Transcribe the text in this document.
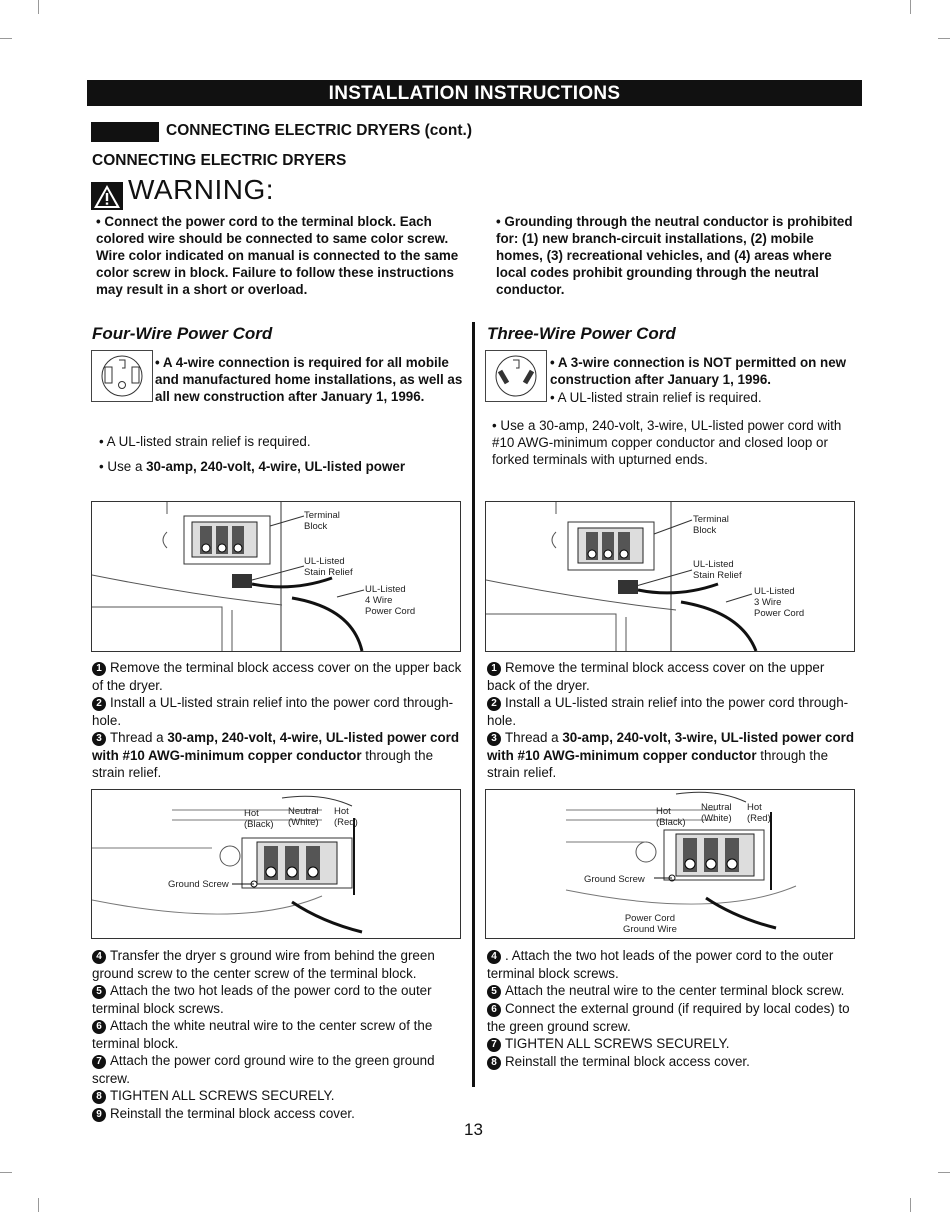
INSTALLATION INSTRUCTIONS
CONNECTING ELECTRIC DRYERS (cont.)
CONNECTING ELECTRIC DRYERS
WARNING:
• Connect the power cord to the terminal block. Each colored wire should be connected to same color screw. Wire color indicated on manual is connected to the same color screw in block. Failure to follow these instructions may result in a short or overload.
• Grounding through the neutral conductor is prohibited for: (1) new branch-circuit installations, (2) mobile homes, (3) recreational vehicles, and (4) areas where local codes prohibit grounding through the neutral conductor.
Four-Wire Power Cord
• A 4-wire connection is required for all mobile and manufactured home installations, as well as all new construction after January 1, 1996.
• A UL-listed strain relief is required.
• Use a 30-amp, 240-volt, 4-wire, UL-listed power
Terminal
Block
UL-Listed
Stain Relief
UL-Listed
4 Wire
Power Cord
1 Remove the terminal block access cover on the upper back of the dryer.
2 Install a UL-listed strain relief into the power cord through-hole.
3 Thread a 30-amp, 240-volt, 4-wire, UL-listed power cord with #10 AWG-minimum copper conductor through the strain relief.
Hot
(Black)
Neutral
(White)
Hot
(Red)
Ground Screw
4 Transfer the dryer s ground wire from behind the green ground screw to the center screw of the terminal block.
5 Attach the two hot leads of the power cord to the outer terminal block screws.
6 Attach the white neutral wire to the center screw of the terminal block.
7 Attach the power cord ground wire to the green ground screw.
8 TIGHTEN ALL SCREWS SECURELY.
9 Reinstall the terminal block access cover.
Three-Wire Power Cord
• A 3-wire connection is NOT permitted on new construction after January 1, 1996.
• A UL-listed strain relief is required.
• Use a 30-amp, 240-volt, 3-wire, UL-listed power cord with #10 AWG-minimum copper conductor and closed loop or forked terminals with upturned ends.
Terminal
Block
UL-Listed
Stain Relief
UL-Listed
3 Wire
Power Cord
1 Remove the terminal block access cover on the upper back of the dryer.
2 Install a UL-listed strain relief into the power cord through-hole.
3 Thread a 30-amp, 240-volt, 3-wire, UL-listed power cord with #10 AWG-minimum copper conductor through the strain relief.
Hot
(Black)
Neutral
(White)
Hot
(Red)
Ground Screw
Power Cord
Ground Wire
4 . Attach the two hot leads of the power cord to the outer terminal block screws.
5 Attach the neutral wire to the center terminal block screw.
6 Connect the external ground (if required by local codes) to the green ground screw.
7 TIGHTEN ALL SCREWS SECURELY.
8 Reinstall the terminal block access cover.
13
